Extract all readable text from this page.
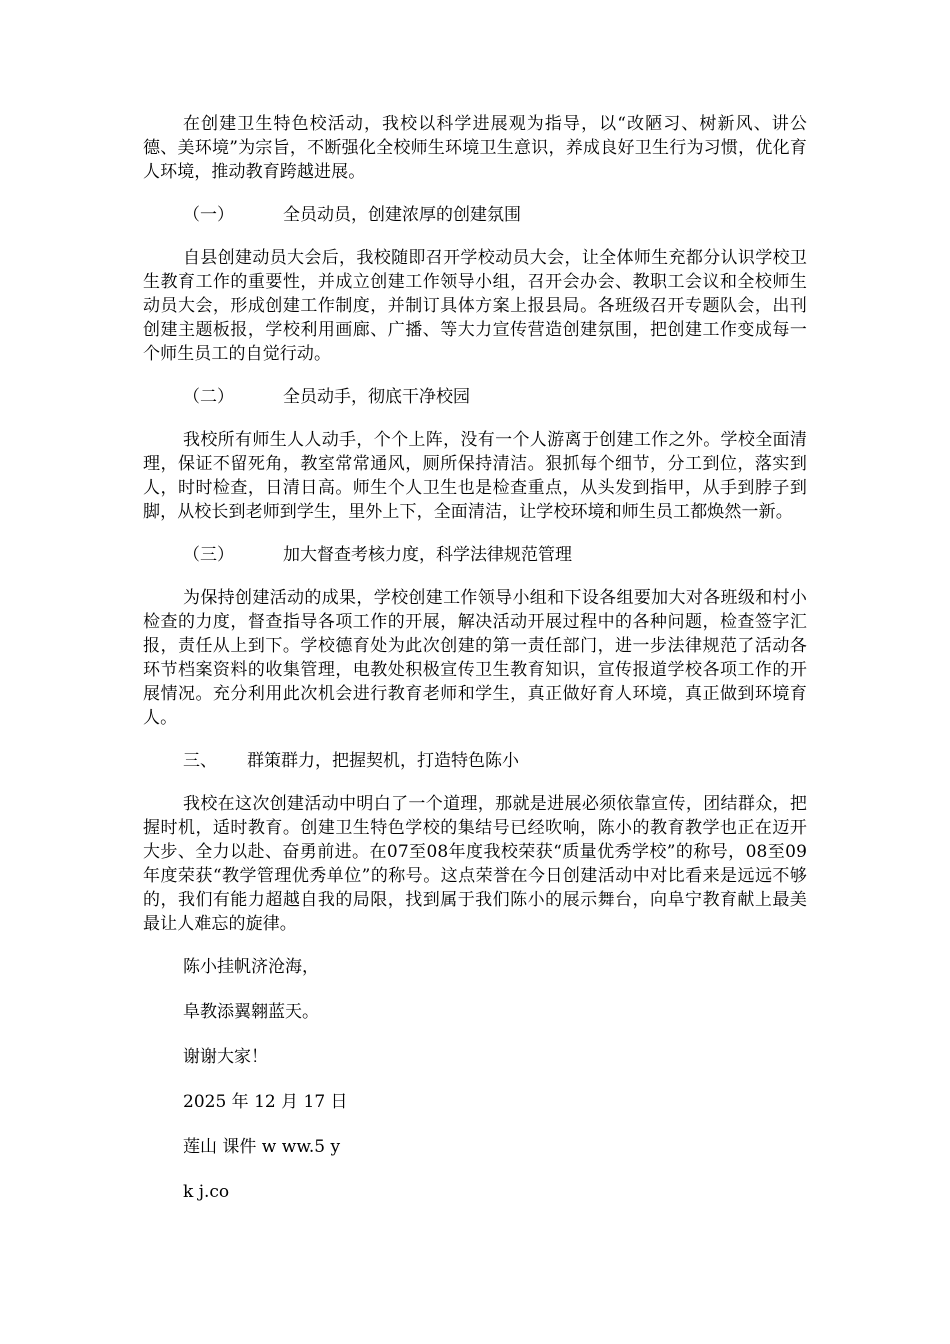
在创建卫生特色校活动，我校以科学进展观为指导，以“改陋习、树新风、讲公德、美环境”为宗旨，不断强化全校师生环境卫生意识，养成良好卫生行为习惯，优化育人环境，推动教育跨越进展。

（一）	全员动员，创建浓厚的创建氛围

自县创建动员大会后，我校随即召开学校动员大会，让全体师生充都分认识学校卫生教育工作的重要性，并成立创建工作领导小组，召开会办会、教职工会议和全校师生动员大会，形成创建工作制度，并制订具体方案上报县局。各班级召开专题队会，出刊创建主题板报，学校利用画廊、广播、等大力宣传营造创建氛围，把创建工作变成每一个师生员工的自觉行动。

（二）	全员动手，彻底干净校园

我校所有师生人人动手，个个上阵，没有一个人游离于创建工作之外。学校全面清理，保证不留死角，教室常常通风，厕所保持清洁。狠抓每个细节，分工到位，落实到人，时时检查，日清日高。师生个人卫生也是检查重点，从头发到指甲，从手到脖子到脚，从校长到老师到学生，里外上下，全面清洁，让学校环境和师生员工都焕然一新。

（三）	加大督查考核力度，科学法律规范管理

为保持创建活动的成果，学校创建工作领导小组和下设各组要加大对各班级和村小检查的力度，督查指导各项工作的开展，解决活动开展过程中的各种问题，检查签字汇报，责任从上到下。学校德育处为此次创建的第一责任部门，进一步法律规范了活动各环节档案资料的收集管理，电教处积极宣传卫生教育知识，宣传报道学校各项工作的开展情况。充分利用此次机会进行教育老师和学生，真正做好育人环境，真正做到环境育人。

三、 群策群力，把握契机，打造特色陈小

我校在这次创建活动中明白了一个道理，那就是进展必须依靠宣传，团结群众，把握时机，适时教育。创建卫生特色学校的集结号已经吹响，陈小的教育教学也正在迈开大步、全力以赴、奋勇前进。在07至08年度我校荣获“质量优秀学校”的称号，08至09年度荣获“教学管理优秀单位”的称号。这点荣誉在今日创建活动中对比看来是远远不够的，我们有能力超越自我的局限，找到属于我们陈小的展示舞台，向阜宁教育献上最美最让人难忘的旋律。

陈小挂帆济沧海，
阜教添翼翱蓝天。
谢谢大家！
2025 年 12 月 17 日
莲山 课件 w ww.5 y
k j.co
